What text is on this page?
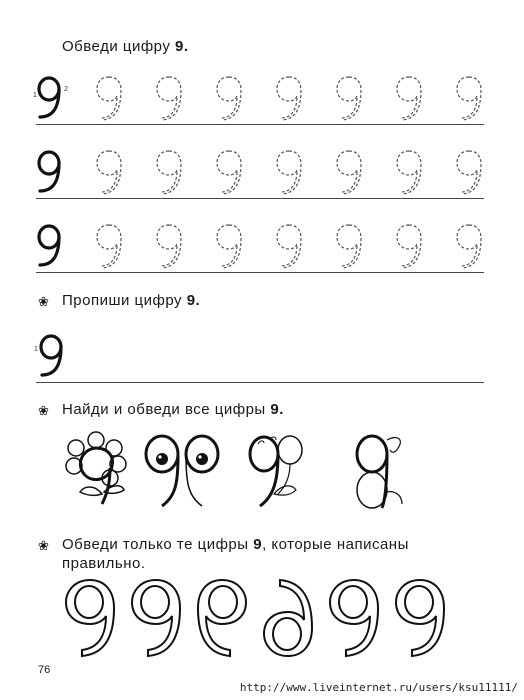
Обведи цифру 9.
1
2
❀ Пропиши цифру 9.
1
❀ Найди и обведи все цифры 9.
❀ Обведи только те цифры 9, которые написаны
правильно.
76
http://www.liveinternet.ru/users/ksu11111/
